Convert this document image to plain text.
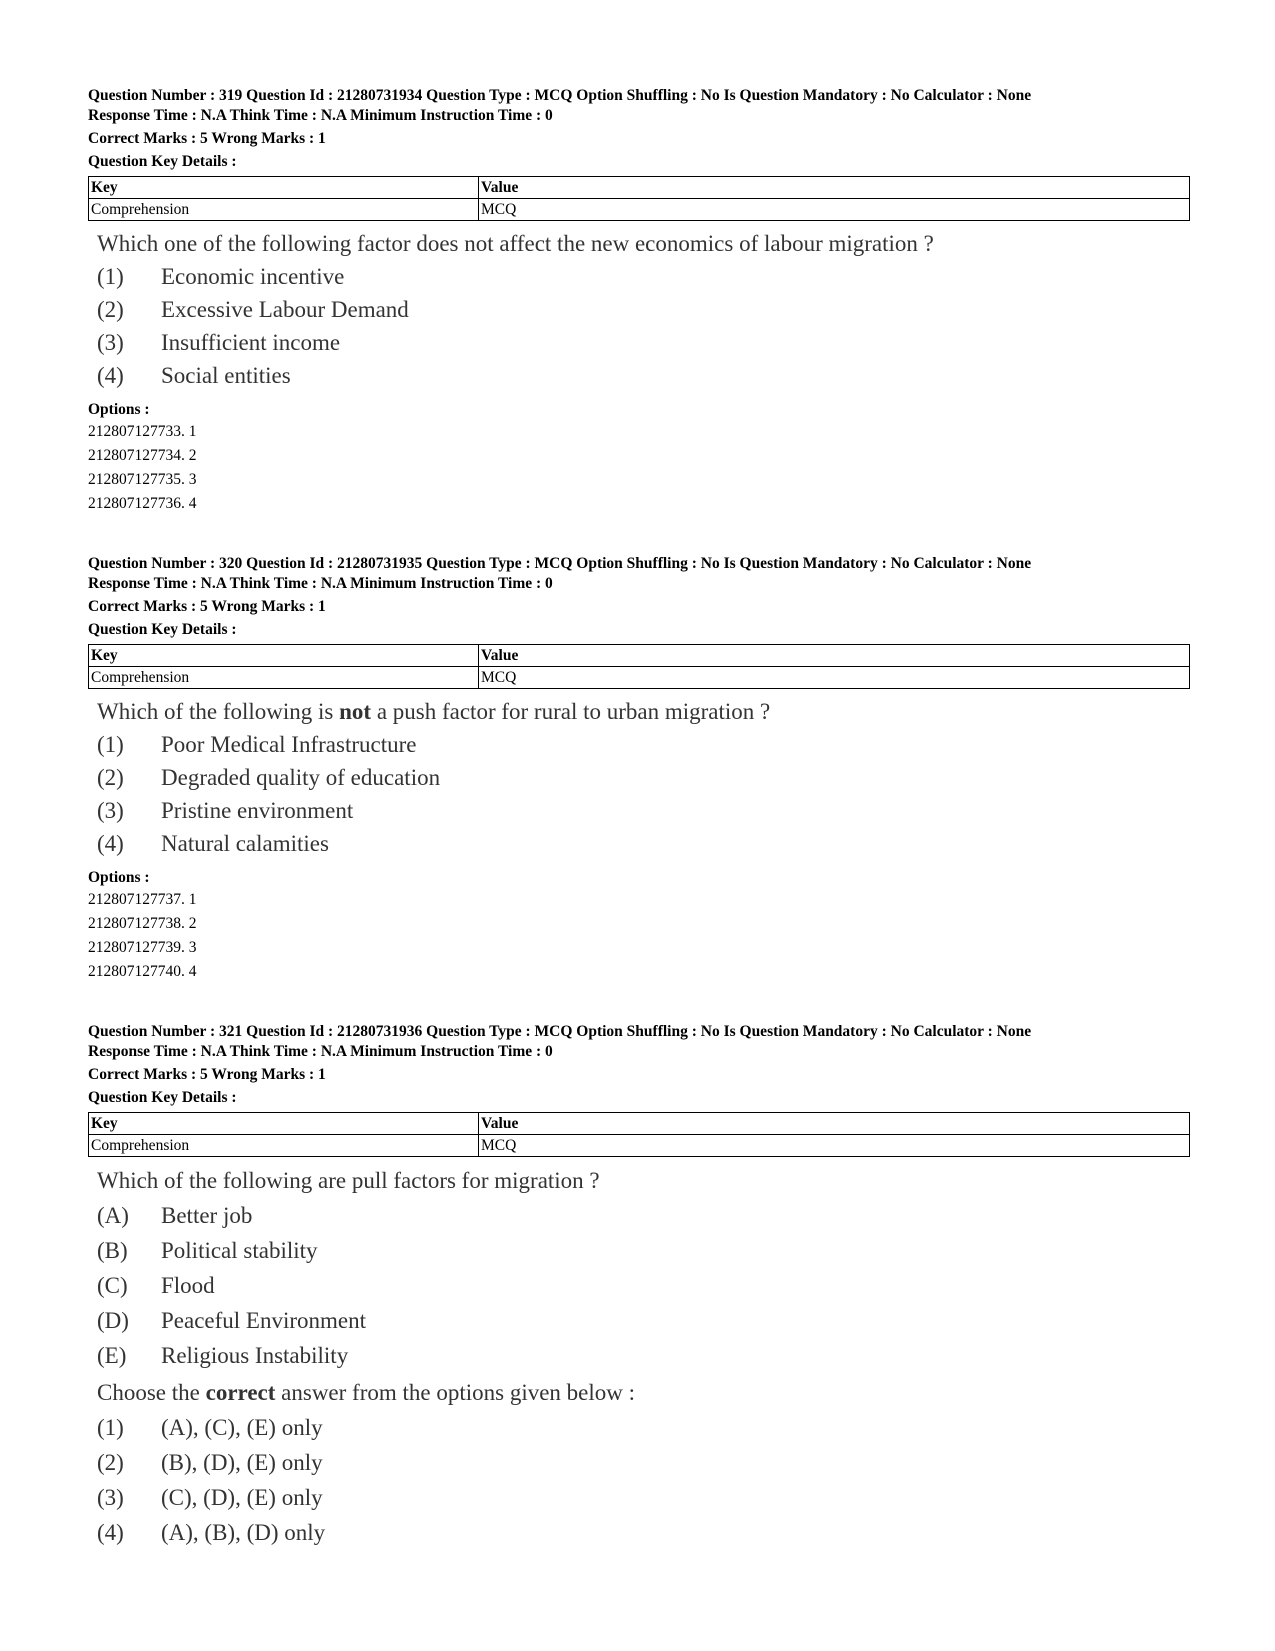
Question Number : 319 Question Id : 21280731934 Question Type : MCQ Option Shuffling : No Is Question Mandatory : No Calculator : None

Response Time : N.A Think Time : N.A Minimum Instruction Time : 0

Correct Marks : 5 Wrong Marks : 1
Question Key Details :
Key	Value
Comprehension	MCQ

Which one of the following factor does not affect the new economics of labour migration ?

(1)	Economic incentive
(2)	Excessive Labour Demand
(3)	Insufficient income
(4)	Social entities
Options :
212807127733. 1
212807127734. 2
212807127735. 3
212807127736. 4

Question Number : 320 Question Id : 21280731935 Question Type : MCQ Option Shuffling : No Is Question Mandatory : No Calculator : None

Response Time : N.A Think Time : N.A Minimum Instruction Time : 0

Correct Marks : 5 Wrong Marks : 1
Question Key Details :
Key	Value
Comprehension	MCQ

Which of the following is not a push factor for rural to urban migration ?

(1)	Poor Medical Infrastructure
(2)	Degraded quality of education
(3)	Pristine environment
(4)	Natural calamities
Options :
212807127737. 1
212807127738. 2
212807127739. 3
212807127740. 4

Question Number : 321 Question Id : 21280731936 Question Type : MCQ Option Shuffling : No Is Question Mandatory : No Calculator : None

Response Time : N.A Think Time : N.A Minimum Instruction Time : 0

Correct Marks : 5 Wrong Marks : 1
Question Key Details :
Key	Value
Comprehension	MCQ

Which of the following are pull factors for migration ?

(A)	Better job
(B)	Political stability
(C)	Flood
(D)	Peaceful Environment
(E)	Religious Instability

Choose the correct answer from the options given below :

(1)	(A), (C), (E) only
(2)	(B), (D), (E) only
(3)	(C), (D), (E) only
(4)	(A), (B), (D) only
